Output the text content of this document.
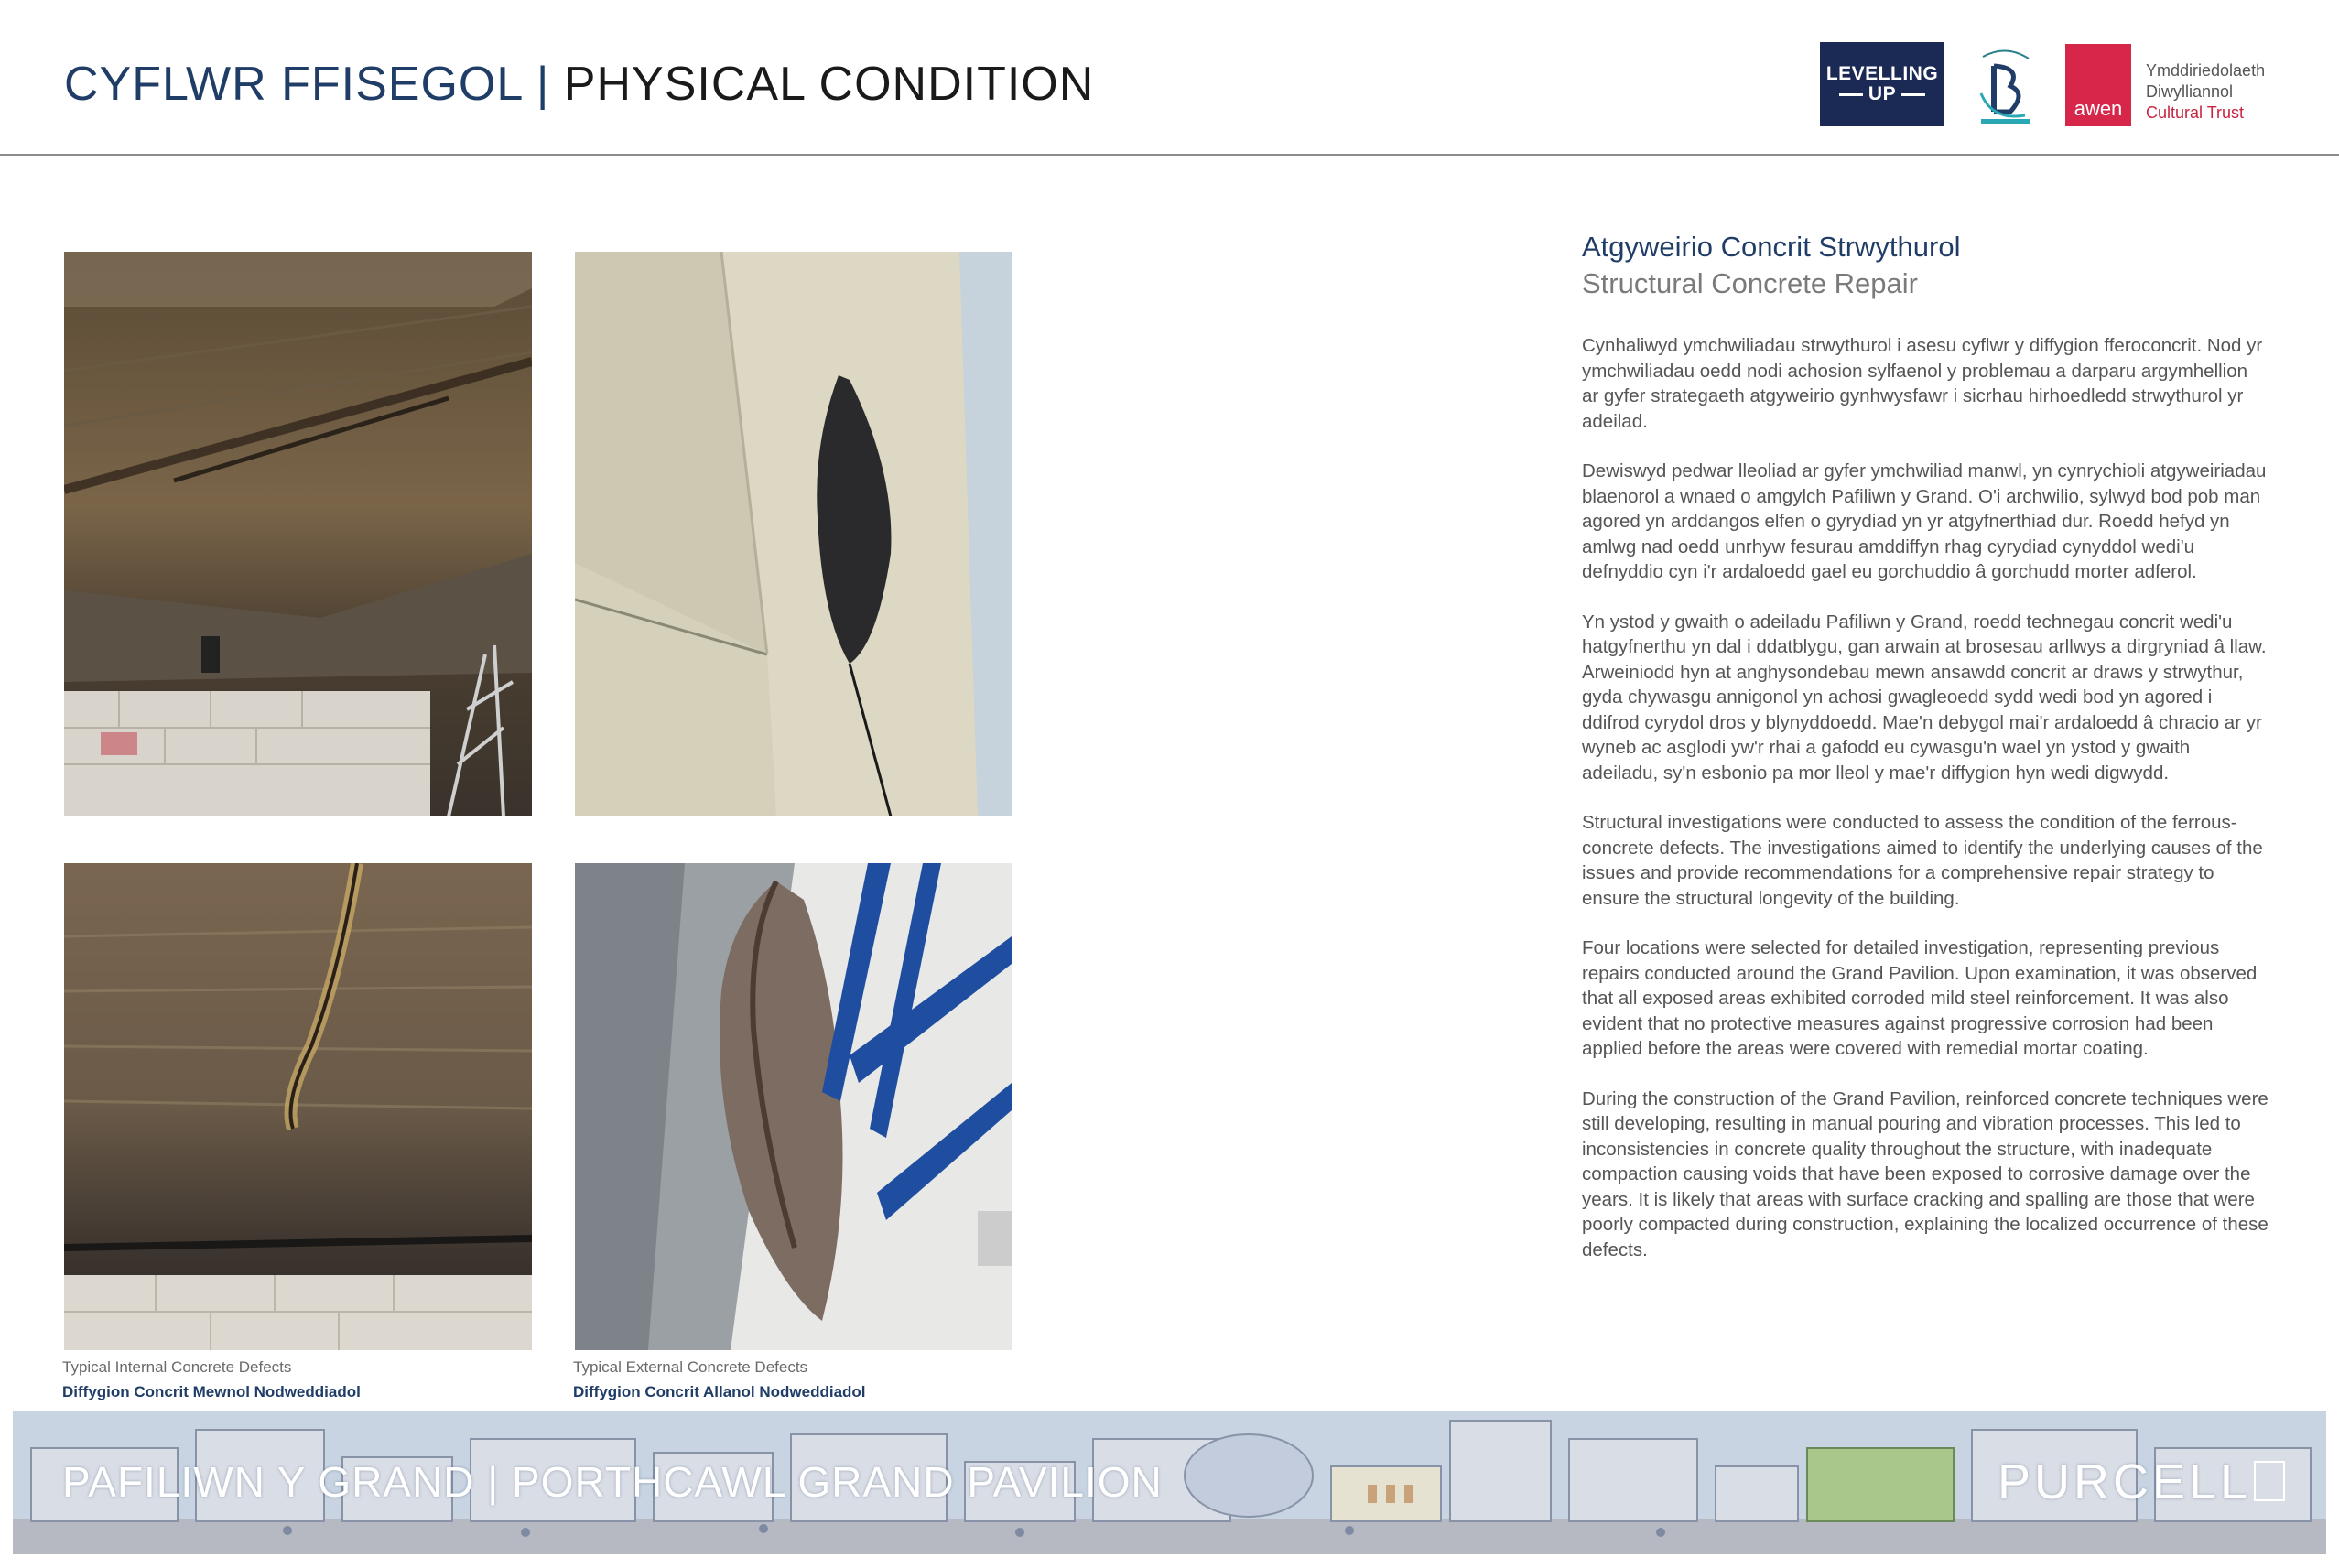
CYFLWR FFISEGOL | PHYSICAL CONDITION	LEVELLING
UP
awen
Ymddiriedolaeth
Diwylliannol
Cultural Trust
Typical Internal Concrete Defects
Diffygion Concrit Mewnol Nodweddiadol
Typical External Concrete Defects
Diffygion Concrit Allanol Nodweddiadol
Atgyweirio Concrit Strwythurol
Structural Concrete Repair

Cynhaliwyd ymchwiliadau strwythurol i asesu cyflwr y diffygion fferoconcrit. Nod yr ymchwiliadau oedd nodi achosion sylfaenol y problemau a darparu argymhellion ar gyfer strategaeth atgyweirio gynhwysfawr i sicrhau hirhoedledd strwythurol yr adeilad.

Dewiswyd pedwar lleoliad ar gyfer ymchwiliad manwl, yn cynrychioli atgyweiriadau blaenorol a wnaed o amgylch Pafiliwn y Grand. O'i archwilio, sylwyd bod pob man agored yn arddangos elfen o gyrydiad yn yr atgyfnerthiad dur. Roedd hefyd yn amlwg nad oedd unrhyw fesurau amddiffyn rhag cyrydiad cynyddol wedi'u defnyddio cyn i'r ardaloedd gael eu gorchuddio â gorchudd morter adferol.

Yn ystod y gwaith o adeiladu Pafiliwn y Grand, roedd technegau concrit wedi'u hatgyfnerthu yn dal i ddatblygu, gan arwain at brosesau arllwys a dirgryniad â llaw. Arweiniodd hyn at anghysondebau mewn ansawdd concrit ar draws y strwythur, gyda chywasgu annigonol yn achosi gwagleoedd sydd wedi bod yn agored i ddifrod cyrydol dros y blynyddoedd. Mae'n debygol mai'r ardaloedd â chracio ar yr wyneb ac asglodi yw'r rhai a gafodd eu cywasgu'n wael yn ystod y gwaith adeiladu, sy'n esbonio pa mor lleol y mae'r diffygion hyn wedi digwydd.

Structural investigations were conducted to assess the condition of the ferrous-concrete defects. The investigations aimed to identify the underlying causes of the issues and provide recommendations for a comprehensive repair strategy to ensure the structural longevity of the building.

Four locations were selected for detailed investigation, representing previous repairs conducted around the Grand Pavilion. Upon examination, it was observed that all exposed areas exhibited corroded mild steel reinforcement. It was also evident that no protective measures against progressive corrosion had been applied before the areas were covered with remedial mortar coating.

During the construction of the Grand Pavilion, reinforced concrete techniques were still developing, resulting in manual pouring and vibration processes. This led to inconsistencies in concrete quality throughout the structure, with inadequate compaction causing voids that have been exposed to corrosive damage over the years. It is likely that areas with surface cracking and spalling are those that were poorly compacted during construction, explaining the localized occurrence of these defects.

PAFILIWN Y GRAND | PORTHCAWL GRAND PAVILION	PURCELL
